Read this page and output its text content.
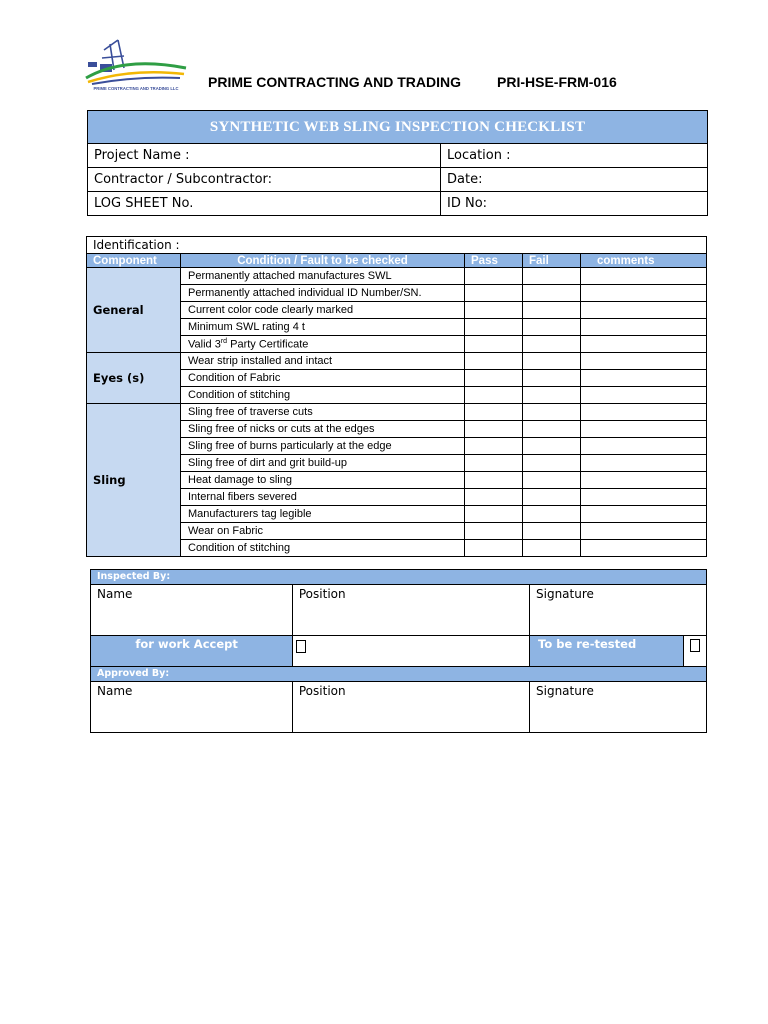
PRIME CONTRACTING AND TRADING LLC PRIME CONTRACTING AND TRADING	PRI-HSE-FRM-016
SYNTHETIC WEB SLING INSPECTION CHECKLIST	
Project Name :	Location :
Contractor / Subcontractor:	Date:
LOG SHEET No.	ID No:
Identification :				
Component	Condition / Fault to be checked	Pass	Fail	comments
General	Permanently attached manufactures SWL			
	Permanently attached individual ID Number/SN.			
	Current color code clearly marked			
	Minimum SWL rating 4 t			
	Valid 3rd Party Certificate			
Eyes (s)	Wear strip installed and intact			
	Condition of Fabric			
	Condition of stitching			
Sling	Sling free of traverse cuts			
	Sling free of nicks or cuts at the edges			
	Sling free of burns particularly at the edge			
	Sling free of dirt and grit build-up			
	Heat damage to sling			
	Internal fibers severed			
	Manufacturers tag legible			
	Wear on Fabric			
	Condition of stitching			
Inspected By:		
Name	Position	Signature
for work Accept		To be re-tested

Approved By:		
Name	Position	Signature
